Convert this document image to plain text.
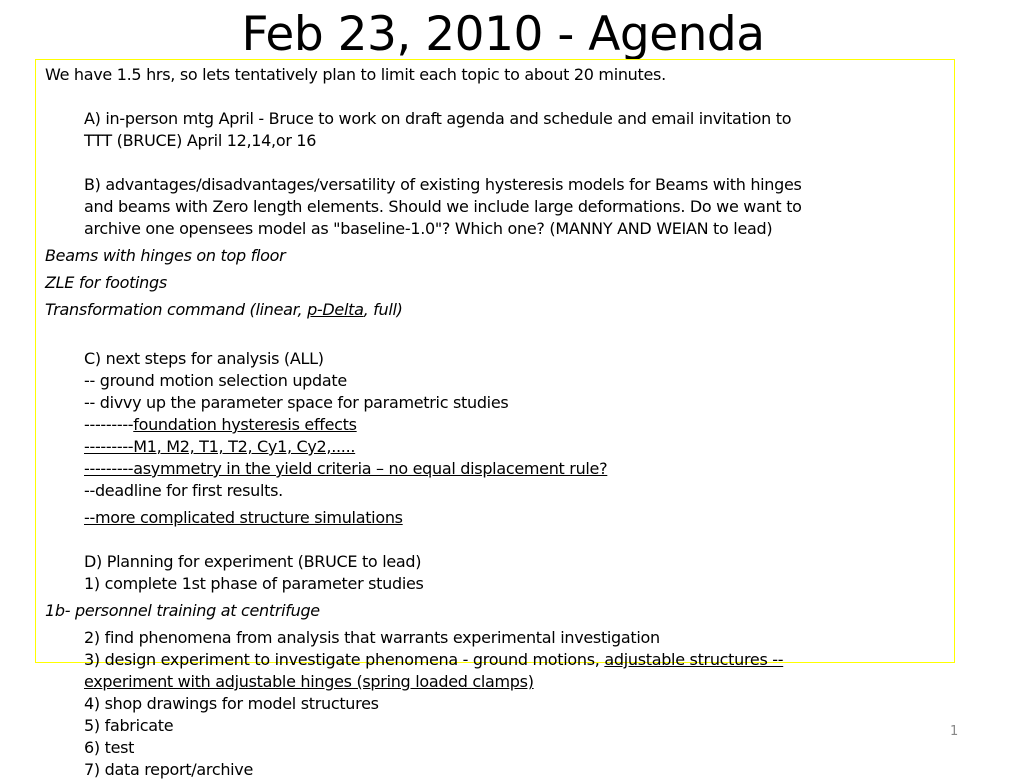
Feb 23, 2010 - Agenda

We have 1.5 hrs, so lets tentatively plan to limit each topic to about 20 minutes.

A) in-person mtg April - Bruce to work on draft agenda and schedule and email invitation to

TTT (BRUCE) April 12,14,or 16

B) advantages/disadvantages/versatility of existing hysteresis models for Beams with hinges

and beams with Zero length elements. Should we include large deformations. Do we want to

archive one opensees model as "baseline-1.0"? Which one? (MANNY AND WEIAN to lead)

Beams with hinges on top floor

ZLE for footings

Transformation command (linear, p-Delta, full)

C) next steps for analysis (ALL)

-- ground motion selection update

-- divvy up the parameter space for parametric studies

---------foundation hysteresis effects

---------M1, M2, T1, T2, Cy1, Cy2,.....

---------asymmetry in the yield criteria – no equal displacement rule?

--deadline for first results.

--more complicated structure simulations

D) Planning for experiment (BRUCE to lead)

1) complete 1st phase of parameter studies

1b- personnel training at centrifuge

2) find phenomena from analysis that warrants experimental investigation

3) design experiment to investigate phenomena - ground motions, adjustable structures --

experiment with adjustable hinges (spring loaded clamps)

4) shop drawings for model structures

5) fabricate

6) test

7) data report/archive

1
